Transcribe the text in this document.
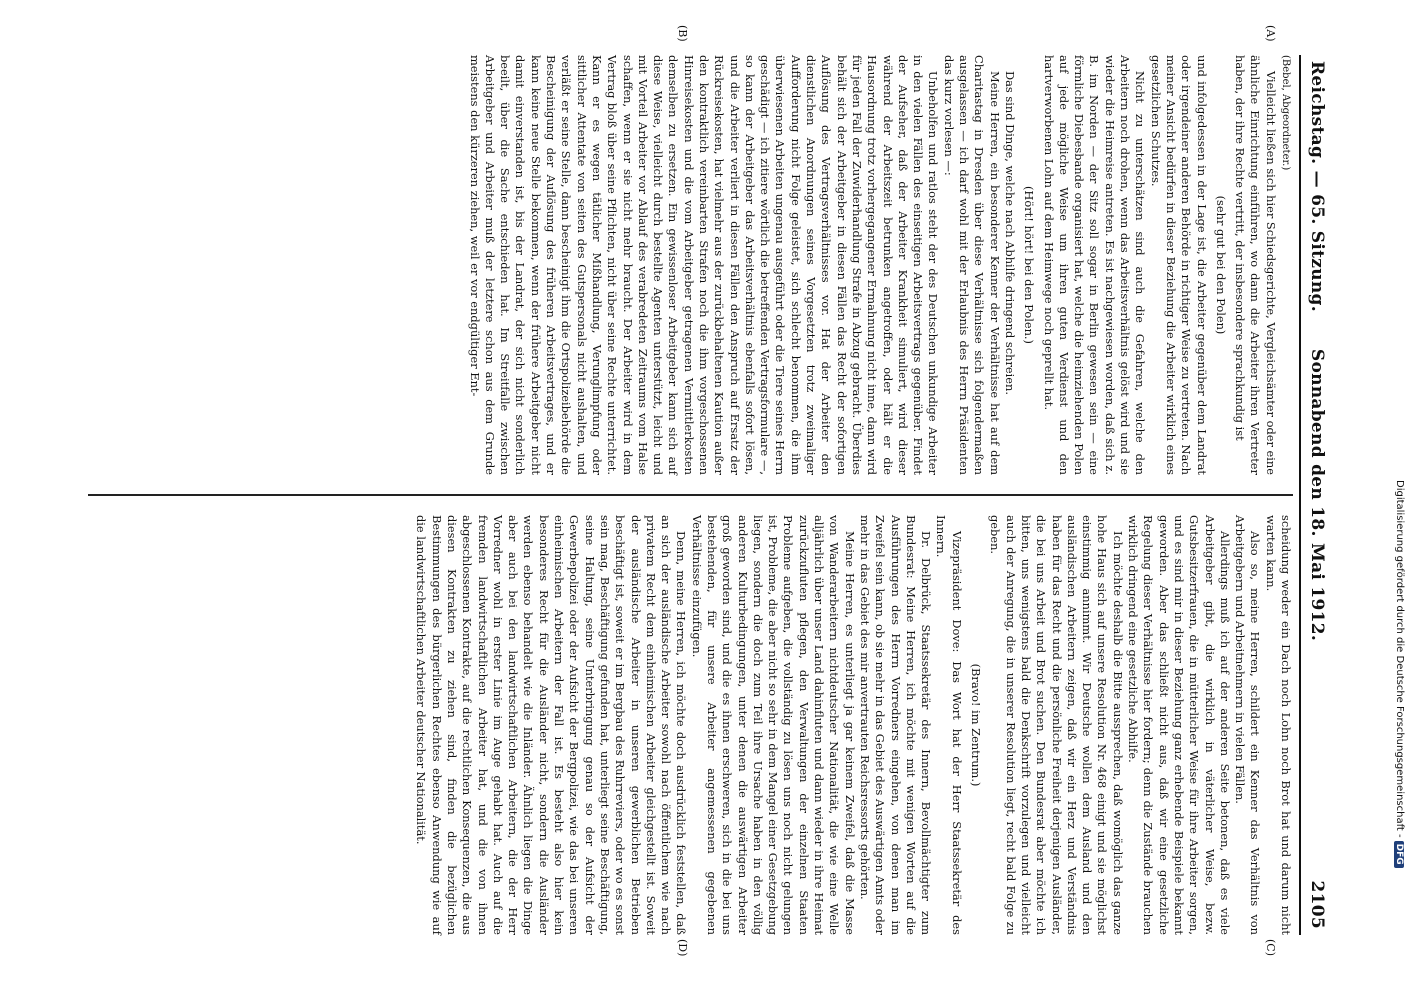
Digitalisierung gefördert durch die Deutsche Forschungsgemeinschaft -DFG
Reichstag. — 65. Sitzung.
Sonnabend den 18. Mai 1912.
2105
(A)
(B)
(C)
(D)

(Bebel, Abgeordneter.)

Vielleicht ließen sich hier Schiedsgerichte, Vergleichsämter oder eine ähnliche Einrichtung einführen, wo dann die Arbeiter ihren Vertreter haben, der ihre Rechte vertritt, der insbesondere sprachkundig ist

(sehr gut bei den Polen)

und infolgedessen in der Lage ist, die Arbeiter gegenüber dem Landrat oder irgendeiner anderen Behörde in richtiger Weise zu vertreten. Nach meiner Ansicht bedürfen in dieser Beziehung die Arbeiter wirklich eines gesetzlichen Schutzes.

Nicht zu unterschätzen sind auch die Gefahren, welche den Arbeitern noch drohen, wenn das Arbeitsverhältnis gelöst wird und sie wieder die Heimreise antreten. Es ist nachgewiesen worden, daß sich z. B. im Norden — der Sitz soll sogar in Berlin gewesen sein — eine förmliche Diebesbande organisiert hat, welche die heimziehenden Polen auf jede mögliche Weise um ihren guten Verdienst und den hartverworbenen Lohn auf dem Heimwege noch geprellt hat.

(Hört! hört! bei den Polen.)

Das sind Dinge, welche nach Abhilfe dringend schreien.

Meine Herren, ein besonderer Kenner der Verhältnisse hat auf dem Charitastag in Dresden über diese Verhältnisse sich folgendermaßen ausgelassen — ich darf wohl mit der Erlaubnis des Herrn Präsidenten das kurz vorlesen —:

Unbeholfen und ratlos steht der des Deutschen unkundige Arbeiter in den vielen Fällen des einseitigen Arbeitsvertrags gegenüber. Findet der Aufseher, daß der Arbeiter Krankheit simuliert, wird dieser während der Arbeitszeit betrunken angetroffen, oder hält er die Hausordnung trotz vorhergegangener Ermahnung nicht inne, dann wird für jeden Fall der Zuwiderhandlung Strafe in Abzug gebracht. Überdies behält sich der Arbeitgeber in diesen Fällen das Recht der sofortigen Auflösung des Vertragsverhältnisses vor. Hat der Arbeiter den dienstlichen Anordnungen seines Vorgesetzten trotz zweimaliger Aufforderung nicht Folge geleistet, sich schlecht benommen, die ihm überwiesenen Arbeiten ungenau ausgeführt oder die Tiere seines Herrn geschädigt — ich zitiere wörtlich die betreffenden Vertragsformulare —, so kann der Arbeitgeber das Arbeitsverhältnis ebenfalls sofort lösen, und die Arbeiter verliert in diesen Fällen den Anspruch auf Ersatz der Rückreisekosten, hat vielmehr aus der zurückbehaltenen Kaution außer den kontraktlich vereinbarten Strafen noch die ihm vorgeschossenen Hinreisekosten und die vom Arbeitgeber getragenen Vermittlerkosten demselben zu ersetzen. Ein gewissenloser Arbeitgeber kann sich auf diese Weise, vielleicht durch bestellte Agenten unterstützt, leicht und mit Vorteil Arbeiter vor Ablauf des verabredeten Zeitraums vom Halse schaffen, wenn er sie nicht mehr braucht. Der Arbeiter wird in dem Vertrag bloß über seine Pflichten, nicht über seine Rechte unterrichtet. Kann er es wegen tätlicher Mißhandlung, Verunglimpfung oder sittlicher Attentate von seiten des Gutspersonals nicht aushalten, und verläßt er seine Stelle, dann bescheinigt ihm die Ortspolizeibehörde die Bescheinigung der Auflösung des früheren Arbeitsvertrages, und er kann keine neue Stelle bekommen, wenn der frühere Arbeitgeber nicht damit einverstanden ist, bis der Landrat, der sich nicht sonderlich beeilt, über die Sache entschieden hat. Im Streitfalle zwischen Arbeitgeber und Arbeiter muß der letztere schon aus dem Grunde meistens den kürzeren ziehen, weil er vor endgültiger Ent-

scheidung weder ein Dach noch Lohn noch Brot hat und darum nicht warten kann.

Also so, meine Herren, schildert ein Kenner das Verhältnis von Arbeitgebern und Arbeitnehmern in vielen Fällen.

Allerdings muß ich auf der anderen Seite betonen, daß es viele Arbeitgeber gibt, die wirklich in väterlicher Weise, bezw. Gutsbesitzerfrauen, die in mütterlicher Weise für ihre Arbeiter sorgen, und es sind mir in dieser Beziehung ganz erhebende Beispiele bekannt geworden. Aber das schließt nicht aus, daß wir eine gesetzliche Regelung dieser Verhältnisse hier fordern; denn die Zustände brauchen wirklich dringend eine gesetzliche Abhilfe.

Ich möchte deshalb die Bitte aussprechen, daß womöglich das ganze hohe Haus sich auf unsere Resolution Nr. 468 einigt und sie möglichst einstimmig annimmt. Wir Deutsche wollen dem Ausland und den ausländischen Arbeitern zeigen, daß wir ein Herz und Verständnis haben für das Recht und die persönliche Freiheit derjenigen Ausländer, die bei uns Arbeit und Brot suchen. Den Bundesrat aber möchte ich bitten, uns wenigstens bald die Denkschrift vorzulegen und vielleicht auch der Anregung, die in unserer Resolution liegt, recht bald Folge zu geben.

(Bravo! im Zentrum.)

Vizepräsident Dove: Das Wort hat der Herr Staatssekretär des Innern.

Dr. Delbrück, Staatssekretär des Innern, Bevollmächtigter zum Bundesrat: Meine Herren, ich möchte mit wenigen Worten auf die Ausführungen des Herrn Vorredners eingehen, von denen man im Zweifel sein kann, ob sie mehr in das Gebiet des Auswärtigen Amts oder mehr in das Gebiet des mir anvertrauten Reichsressorts gehörten.

Meine Herren, es unterliegt ja gar keinem Zweifel, daß die Masse von Wanderarbeitern nichtdeutscher Nationalität, die wie eine Welle alljährlich über unser Land dahinfluten und dann wieder in ihre Heimat zurückzufluten pflegen, den Verwaltungen der einzelnen Staaten Probleme aufgeben, die vollständig zu lösen uns noch nicht gelungen ist, Probleme, die aber nicht so sehr in dem Mangel einer Gesetzgebung liegen, sondern die doch zum Teil ihre Ursache haben in den völlig anderen Kulturbedingungen, unter denen die auswärtigen Arbeiter groß geworden sind, und die es ihnen erschweren, sich in die bei uns bestehenden, für unsere Arbeiter angemessenen gegebenen Verhältnisse einzufügen.

Denn, meine Herren, ich möchte doch ausdrücklich feststellen, daß an sich der ausländische Arbeiter sowohl nach öffentlichem wie nach privatem Recht dem einheimischen Arbeiter gleichgestellt ist. Soweit der ausländische Arbeiter in unseren gewerblichen Betrieben beschäftigt ist, soweit er im Bergbau des Ruhrreviers, oder wo es sonst sein mag, Beschäftigung gefunden hat, unterliegt seine Beschäftigung, seine Haltung, seine Unterbringung genau so der Aufsicht der Gewerbepolizei oder der Aufsicht der Bergpolizei, wie das bei unseren einheimischen Arbeitern der Fall ist. Es besteht also hier kein besonderes Recht für die Ausländer nicht, sondern die Ausländer werden ebenso behandelt wie die Inländer. Ähnlich liegen die Dinge aber auch bei den landwirtschaftlichen Arbeitern, die der Herr Vorredner wohl in erster Linie im Auge gehabt hat. Auch auf die fremden landwirtschaftlichen Arbeiter hat, und die von ihnen abgeschlossenen Kontrakte, auf die rechtlichen Konsequenzen, die aus diesen Kontrakten zu ziehen sind, finden die bezüglichen Bestimmungen des bürgerlichen Rechtes ebenso Anwendung wie auf die landwirtschaftlichen Arbeiter deutscher Nationalität.
